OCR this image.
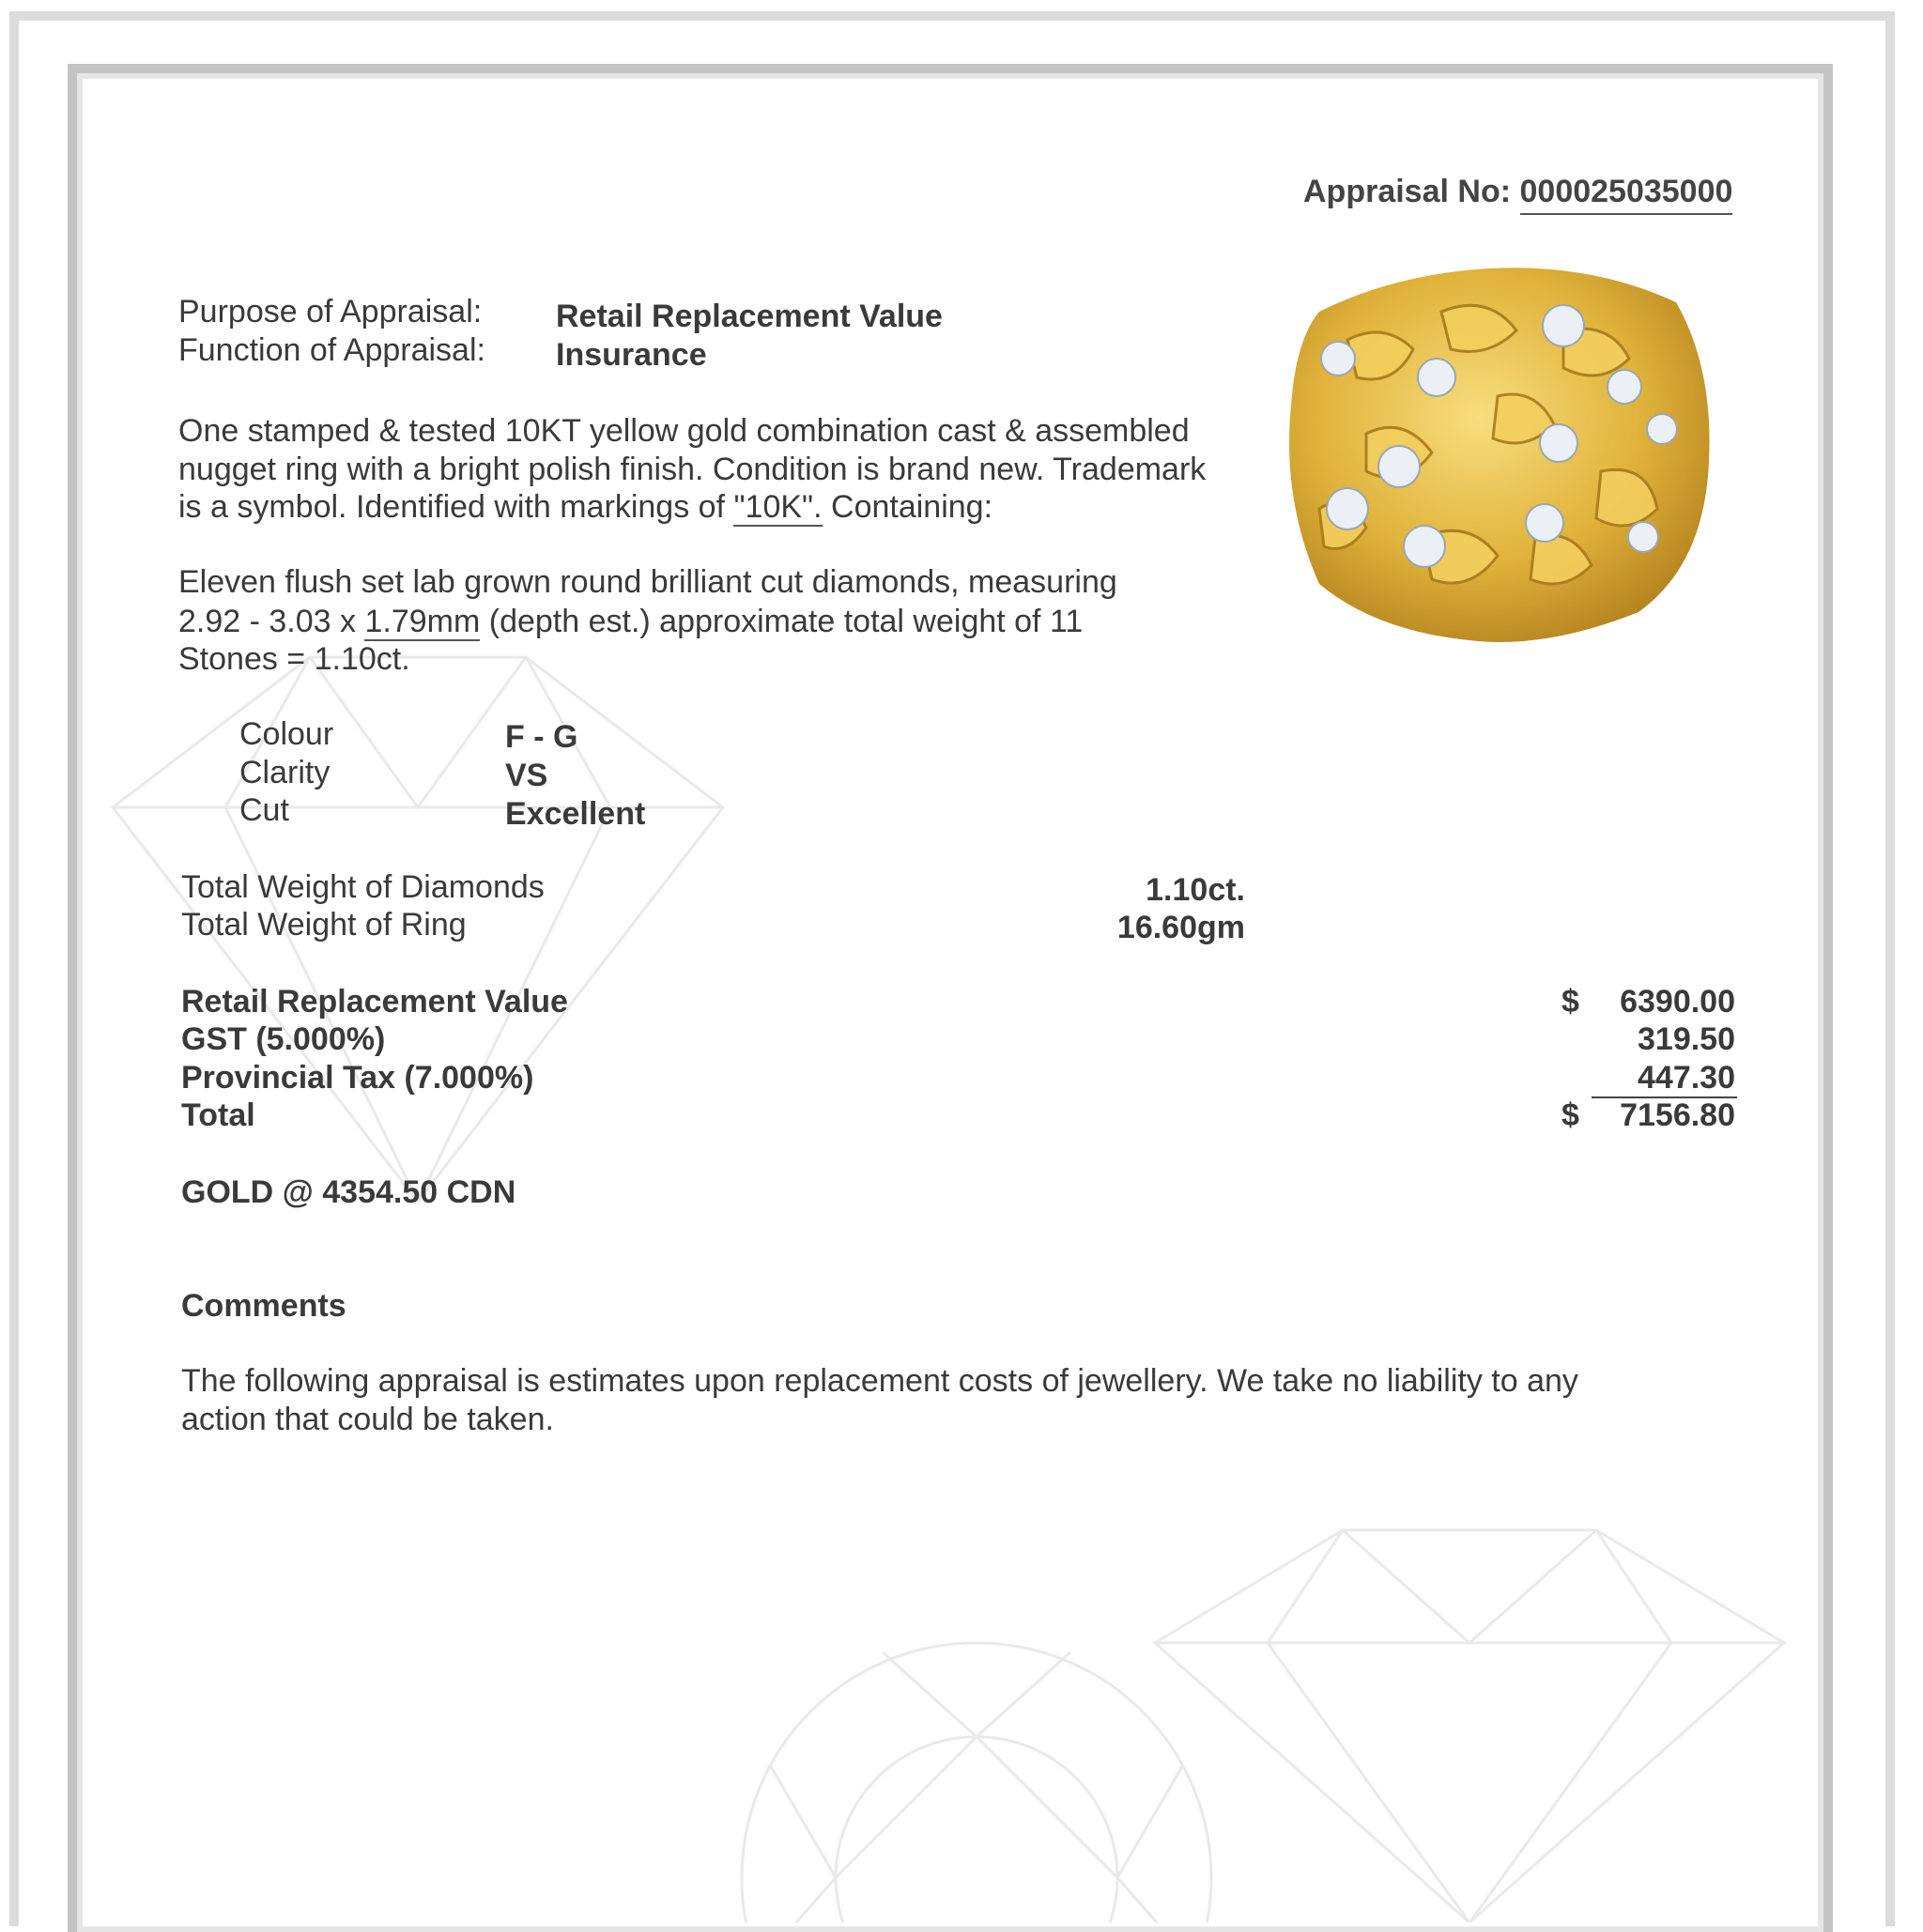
Appraisal No: 000025035000
Purpose of Appraisal: Retail Replacement Value
Function of Appraisal: Insurance
One stamped & tested 10KT yellow gold combination cast & assembled
nugget ring with a bright polish finish. Condition is brand new. Trademark
is a symbol. Identified with markings of "10K". Containing:
Eleven flush set lab grown round brilliant cut diamonds, measuring
2.92 - 3.03 x 1.79mm (depth est.) approximate total weight of 11
Stones = 1.10ct.
Colour	F - G
Clarity	VS
Cut	Excellent
Total Weight of Diamonds	1.10ct.
Total Weight of Ring	16.60gm
Retail Replacement Value	$	6390.00
GST (5.000%)	319.50
Provincial Tax (7.000%)	447.30
Total	$	7156.80
GOLD @ 4354.50 CDN
Comments
The following appraisal is estimates upon replacement costs of jewellery. We take no liability to any
action that could be taken.
